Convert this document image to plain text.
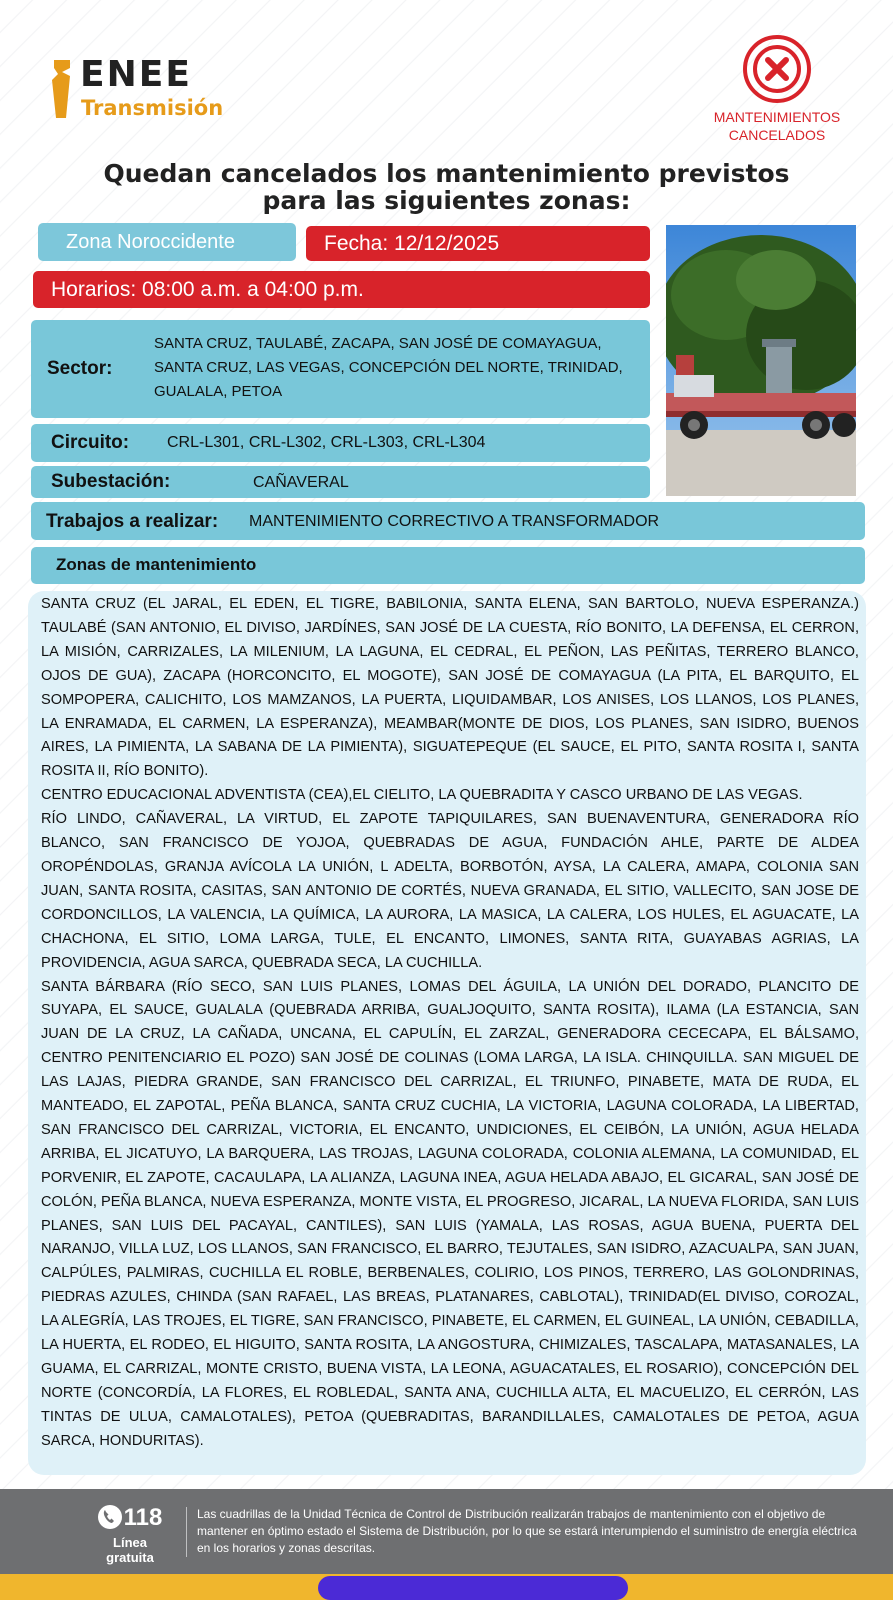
ENEE
Transmisión	MANTENIMIENTOS
CANCELADOS
Quedan cancelados los mantenimiento previstos
para las siguientes zonas:
Zona Noroccidente	Fecha: 12/12/2025
Horarios: 08:00 a.m. a 04:00 p.m.
Sector:
SANTA CRUZ, TAULABÉ, ZACAPA, SAN JOSÉ DE COMAYAGUA, SANTA CRUZ, LAS VEGAS, CONCEPCIÓN DEL NORTE, TRINIDAD, GUALALA, PETOA
Circuito: CRL-L301, CRL-L302, CRL-L303, CRL-L304
Subestación:	CAÑAVERAL
Trabajos a realizar: MANTENIMIENTO CORRECTIVO A TRANSFORMADOR
Zonas de mantenimiento

SANTA CRUZ (EL JARAL, EL EDEN, EL TIGRE, BABILONIA, SANTA ELENA, SAN BARTOLO, NUEVA ESPERANZA.) TAULABÉ (SAN ANTONIO, EL DIVISO, JARDÍNES, SAN JOSÉ DE LA CUESTA, RÍO BONITO, LA DEFENSA, EL CERRON, LA MISIÓN, CARRIZALES, LA MILENIUM, LA LAGUNA, EL CEDRAL, EL PEÑON, LAS PEÑITAS, TERRERO BLANCO, OJOS DE GUA), ZACAPA (HORCONCITO, EL MOGOTE), SAN JOSÉ DE COMAYAGUA (LA PITA, EL BARQUITO, EL SOMPOPERA, CALICHITO, LOS MAMZANOS, LA PUERTA, LIQUIDAMBAR, LOS ANISES, LOS LLANOS, LOS PLANES, LA ENRAMADA, EL CARMEN, LA ESPERANZA), MEAMBAR(MONTE DE DIOS, LOS PLANES, SAN ISIDRO, BUENOS AIRES, LA PIMIENTA, LA SABANA DE LA PIMIENTA), SIGUATEPEQUE (EL SAUCE, EL PITO, SANTA ROSITA I, SANTA ROSITA II, RÍO BONITO).

CENTRO EDUCACIONAL ADVENTISTA (CEA),EL CIELITO, LA QUEBRADITA Y CASCO URBANO DE LAS VEGAS.

RÍO LINDO, CAÑAVERAL, LA VIRTUD, EL ZAPOTE TAPIQUILARES, SAN BUENAVENTURA, GENERADORA RÍO BLANCO, SAN FRANCISCO DE YOJOA, QUEBRADAS DE AGUA, FUNDACIÓN AHLE, PARTE DE ALDEA OROPÉNDOLAS, GRANJA AVÍCOLA LA UNIÓN, L ADELTA, BORBOTÓN, AYSA, LA CALERA, AMAPA, COLONIA SAN JUAN, SANTA ROSITA, CASITAS, SAN ANTONIO DE CORTÉS, NUEVA GRANADA, EL SITIO, VALLECITO, SAN JOSE DE CORDONCILLOS, LA VALENCIA, LA QUÍMICA, LA AURORA, LA MASICA, LA CALERA, LOS HULES, EL AGUACATE, LA CHACHONA, EL SITIO, LOMA LARGA, TULE, EL ENCANTO, LIMONES, SANTA RITA, GUAYABAS AGRIAS, LA PROVIDENCIA, AGUA SARCA, QUEBRADA SECA, LA CUCHILLA.

SANTA BÁRBARA (RÍO SECO, SAN LUIS PLANES, LOMAS DEL ÁGUILA, LA UNIÓN DEL DORADO, PLANCITO DE SUYAPA, EL SAUCE, GUALALA (QUEBRADA ARRIBA, GUALJOQUITO, SANTA ROSITA), ILAMA (LA ESTANCIA, SAN JUAN DE LA CRUZ, LA CAÑADA, UNCANA, EL CAPULÍN, EL ZARZAL, GENERADORA CECECAPA, EL BÁLSAMO, CENTRO PENITENCIARIO EL POZO) SAN JOSÉ DE COLINAS (LOMA LARGA, LA ISLA. CHINQUILLA. SAN MIGUEL DE LAS LAJAS, PIEDRA GRANDE, SAN FRANCISCO DEL CARRIZAL, EL TRIUNFO, PINABETE, MATA DE RUDA, EL MANTEADO, EL ZAPOTAL, PEÑA BLANCA, SANTA CRUZ CUCHIA, LA VICTORIA, LAGUNA COLORADA, LA LIBERTAD, SAN FRANCISCO DEL CARRIZAL, VICTORIA, EL ENCANTO, UNDICIONES, EL CEIBÓN, LA UNIÓN, AGUA HELADA ARRIBA, EL JICATUYO, LA BARQUERA, LAS TROJAS, LAGUNA COLORADA, COLONIA ALEMANA, LA COMUNIDAD, EL PORVENIR, EL ZAPOTE, CACAULAPA, LA ALIANZA, LAGUNA INEA, AGUA HELADA ABAJO, EL GICARAL, SAN JOSÉ DE COLÓN, PEÑA BLANCA, NUEVA ESPERANZA, MONTE VISTA, EL PROGRESO, JICARAL, LA NUEVA FLORIDA, SAN LUIS PLANES, SAN LUIS DEL PACAYAL, CANTILES), SAN LUIS (YAMALA, LAS ROSAS, AGUA BUENA, PUERTA DEL NARANJO, VILLA LUZ, LOS LLANOS, SAN FRANCISCO, EL BARRO, TEJUTALES, SAN ISIDRO, AZACUALPA, SAN JUAN, CALPÚLES, PALMIRAS, CUCHILLA EL ROBLE, BERBENALES, COLIRIO, LOS PINOS, TERRERO, LAS GOLONDRINAS, PIEDRAS AZULES, CHINDA (SAN RAFAEL, LAS BREAS, PLATANARES, CABLOTAL), TRINIDAD(EL DIVISO, COROZAL, LA ALEGRÍA, LAS TROJES, EL TIGRE, SAN FRANCISCO, PINABETE, EL CARMEN, EL GUINEAL, LA UNIÓN, CEBADILLA, LA HUERTA, EL RODEO, EL HIGUITO, SANTA ROSITA, LA ANGOSTURA, CHIMIZALES, TASCALAPA, MATASANALES, LA GUAMA, EL CARRIZAL, MONTE CRISTO, BUENA VISTA, LA LEONA, AGUACATALES, EL ROSARIO), CONCEPCIÓN DEL NORTE (CONCORDÍA, LA FLORES, EL ROBLEDAL, SANTA ANA, CUCHILLA ALTA, EL MACUELIZO, EL CERRÓN, LAS TINTAS DE ULUA, CAMALOTALES), PETOA (QUEBRADITAS, BARANDILLALES, CAMALOTALES DE PETOA, AGUA SARCA, HONDURITAS).

118
Línea gratuita
Las cuadrillas de la Unidad Técnica de Control de Distribución realizarán trabajos de mantenimiento con el objetivo de mantener en óptimo estado el Sistema de Distribución, por lo que se estará interumpiendo el suministro de energía eléctrica en los horarios y zonas descritas.
